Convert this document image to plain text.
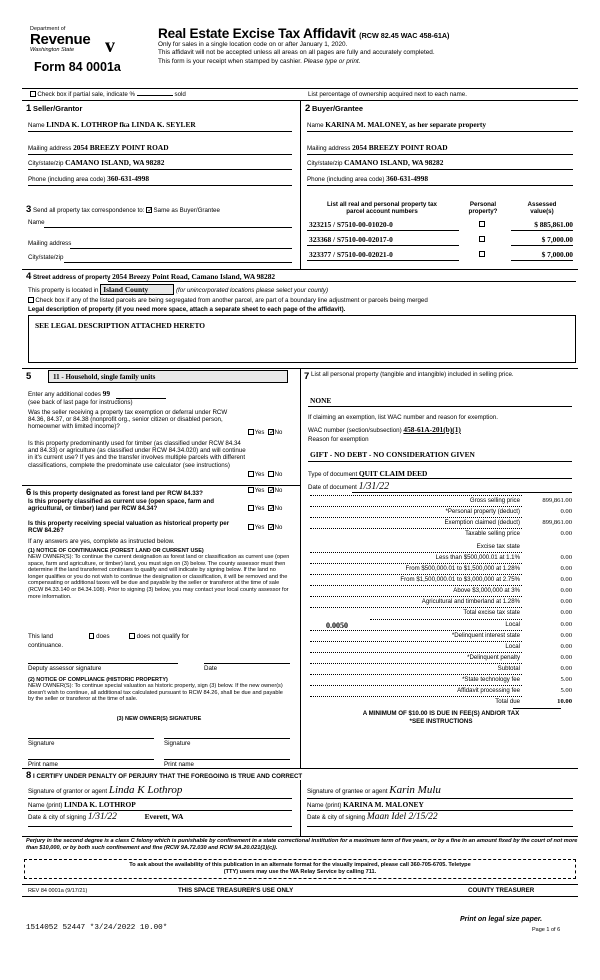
Department of
Revenue
Washington State	ᴠ
Form 84 0001a
Real Estate Excise Tax Affidavit (RCW 82.45 WAC 458-61A)
Only for sales in a single location code on or after January 1, 2020.
This affidavit will not be accepted unless all areas on all pages are fully and accurately completed.
This form is your receipt when stamped by cashier. Please type or print.
Check box if partial sale, indicate %	sold	List percentage of ownership acquired next to each name.
1 Seller/Grantor
Name LINDA K. LOTHROP fka LINDA K. SEYLER
Mailing address 2054 BREEZY POINT ROAD
City/state/zip CAMANO ISLAND, WA 98282
Phone (including area code) 360-631-4998
2 Buyer/Grantee
Name KARINA M. MALONEY, as her separate property
Mailing address 2054 BREEZY POINT ROAD
City/state/zip CAMANO ISLAND, WA 98282
Phone (including area code) 360-631-4998
3 Send all property tax correspondence to: ✓ Same as Buyer/Grantee
Name
Mailing address
City/state/zip
List all real and personal property tax
parcel account numbers
Personal
property?
Assessed
value(s)
323215 / S7510-00-01020-0	$ 885,861.00
323368 / S7510-00-02017-0	$ 7,000.00
323377 / S7510-00-02021-0	$ 7,000.00
4 Street address of property 2054 Breezy Point Road, Camano Island, WA 98282
This property is located in Island County	(for unincorporated locations please select your county)
Check box if any of the listed parcels are being segregated from another parcel, are part of a boundary line adjustment or parcels being merged
Legal description of property (if you need more space, attach a separate sheet to each page of the affidavit).
SEE LEGAL DESCRIPTION ATTACHED HERETO
5	11 - Household, single family units
Enter any additional codes 99
(see back of last page for instructions)
Was the seller receiving a property tax exemption or deferral under RCW 84.36, 84.37, or 84.38 (nonprofit org., senior citizen or disabled person, homeowner with limited income)?
Yes ✓No
Is this property predominantly used for timber (as classified under RCW 84.34 and 84.33) or agriculture (as classified under RCW 84.34.020) and will continue in it's current use? If yes and the transfer involves multiple parcels with different classifications, complete the predominate use calculator (see instructions)
Yes No
6 Is this property designated as forest land per RCW 84.33?	Yes ✓No
Is this property classified as current use (open space, farm and agricultural, or timber) land per RCW 84.34?	Yes ✓No
Is this property receiving special valuation as historical property per RCW 84.26?	Yes ✓No
If any answers are yes, complete as instructed below.
(1) NOTICE OF CONTINUANCE (FOREST LAND OR CURRENT USE)
NEW OWNER(S): To continue the current designation as forest land or classification as current use (open space, farm and agriculture, or timber) land, you must sign on (3) below. The county assessor must then determine if the land transferred continues to qualify and will indicate by signing below. If the land no longer qualifies or you do not wish to continue the designation or classification, it will be removed and the compensating or additional taxes will be due and payable by the seller or transferor at the time of sale (RCW 84.33.140 or 84.34.108). Prior to signing (3) below, you may contact your local county assessor for more information.
This land	does	does not qualify for
continuance.
Deputy assessor signature	Date
(2) NOTICE OF COMPLIANCE (HISTORIC PROPERTY)
NEW OWNER(S): To continue special valuation as historic property, sign (3) below. If the new owner(s) doesn't wish to continue, all additional tax calculated pursuant to RCW 84.26, shall be due and payable by the seller or transferor at the time of sale.
(3) NEW OWNER(S) SIGNATURE
Signature	Signature
Print name	Print name
7 List all personal property (tangible and intangible) included in selling price.
NONE
If claiming an exemption, list WAC number and reason for exemption.
WAC number (section/subsection) 458-61A-201(b)(1)
Reason for exemption
GIFT - NO DEBT - NO CONSIDERATION GIVEN
Type of document QUIT CLAIM DEED
Date of document 1/31/22
Gross selling price	899,861.00
*Personal property (deduct)	0.00
Exemption claimed (deduct)	899,861.00
Taxable selling price	0.00
Excise tax state
Less than $500,000.01 at 1.1%	0.00
From $500,000.01 to $1,500,000 at 1.28%	0.00
From $1,500,000.01 to $3,000,000 at 2.75%	0.00
Above $3,000,000 at 3%	0.00
Agricultural and timberland at 1.28%	0.00
Total excise tax state	0.00
0.0050	Local	0.00
*Delinquent interest state	0.00
Local	0.00
*Delinquent penalty	0.00
Subtotal	0.00
*State technology fee	5.00
Affidavit processing fee	5.00
Total due	10.00
A MINIMUM OF $10.00 IS DUE IN FEE(S) AND/OR TAX
*SEE INSTRUCTIONS
8 I CERTIFY UNDER PENALTY OF PERJURY THAT THE FOREGOING IS TRUE AND CORRECT
Signature of grantor or agent Linda K Lothrop
Name (print) LINDA K. LOTHROP
Date & city of signing 1/31/22	Everett, WA
Signature of grantee or agent Karin Mulu
Name (print) KARINA M. MALONEY
Date & city of signing Maan Idel 2/15/22
Perjury in the second degree is a class C felony which is punishable by confinement in a state correctional institution for a maximum term of five years, or by a fine in an amount fixed by the court of not more than $10,000, or by both such confinement and fine (RCW 9A.72.030 and RCW 9A.20.021(1)(c)).
To ask about the availability of this publication in an alternate format for the visually impaired, please call 360-705-6705. Teletype
(TTY) users may use the WA Relay Service by calling 711.
REV 84 0001a (9/17/21)	THIS SPACE TREASURER'S USE ONLY	COUNTY TREASURER
1514052 52447 *3/24/2022 10.00*
Print on legal size paper.
Page 1 of 6
